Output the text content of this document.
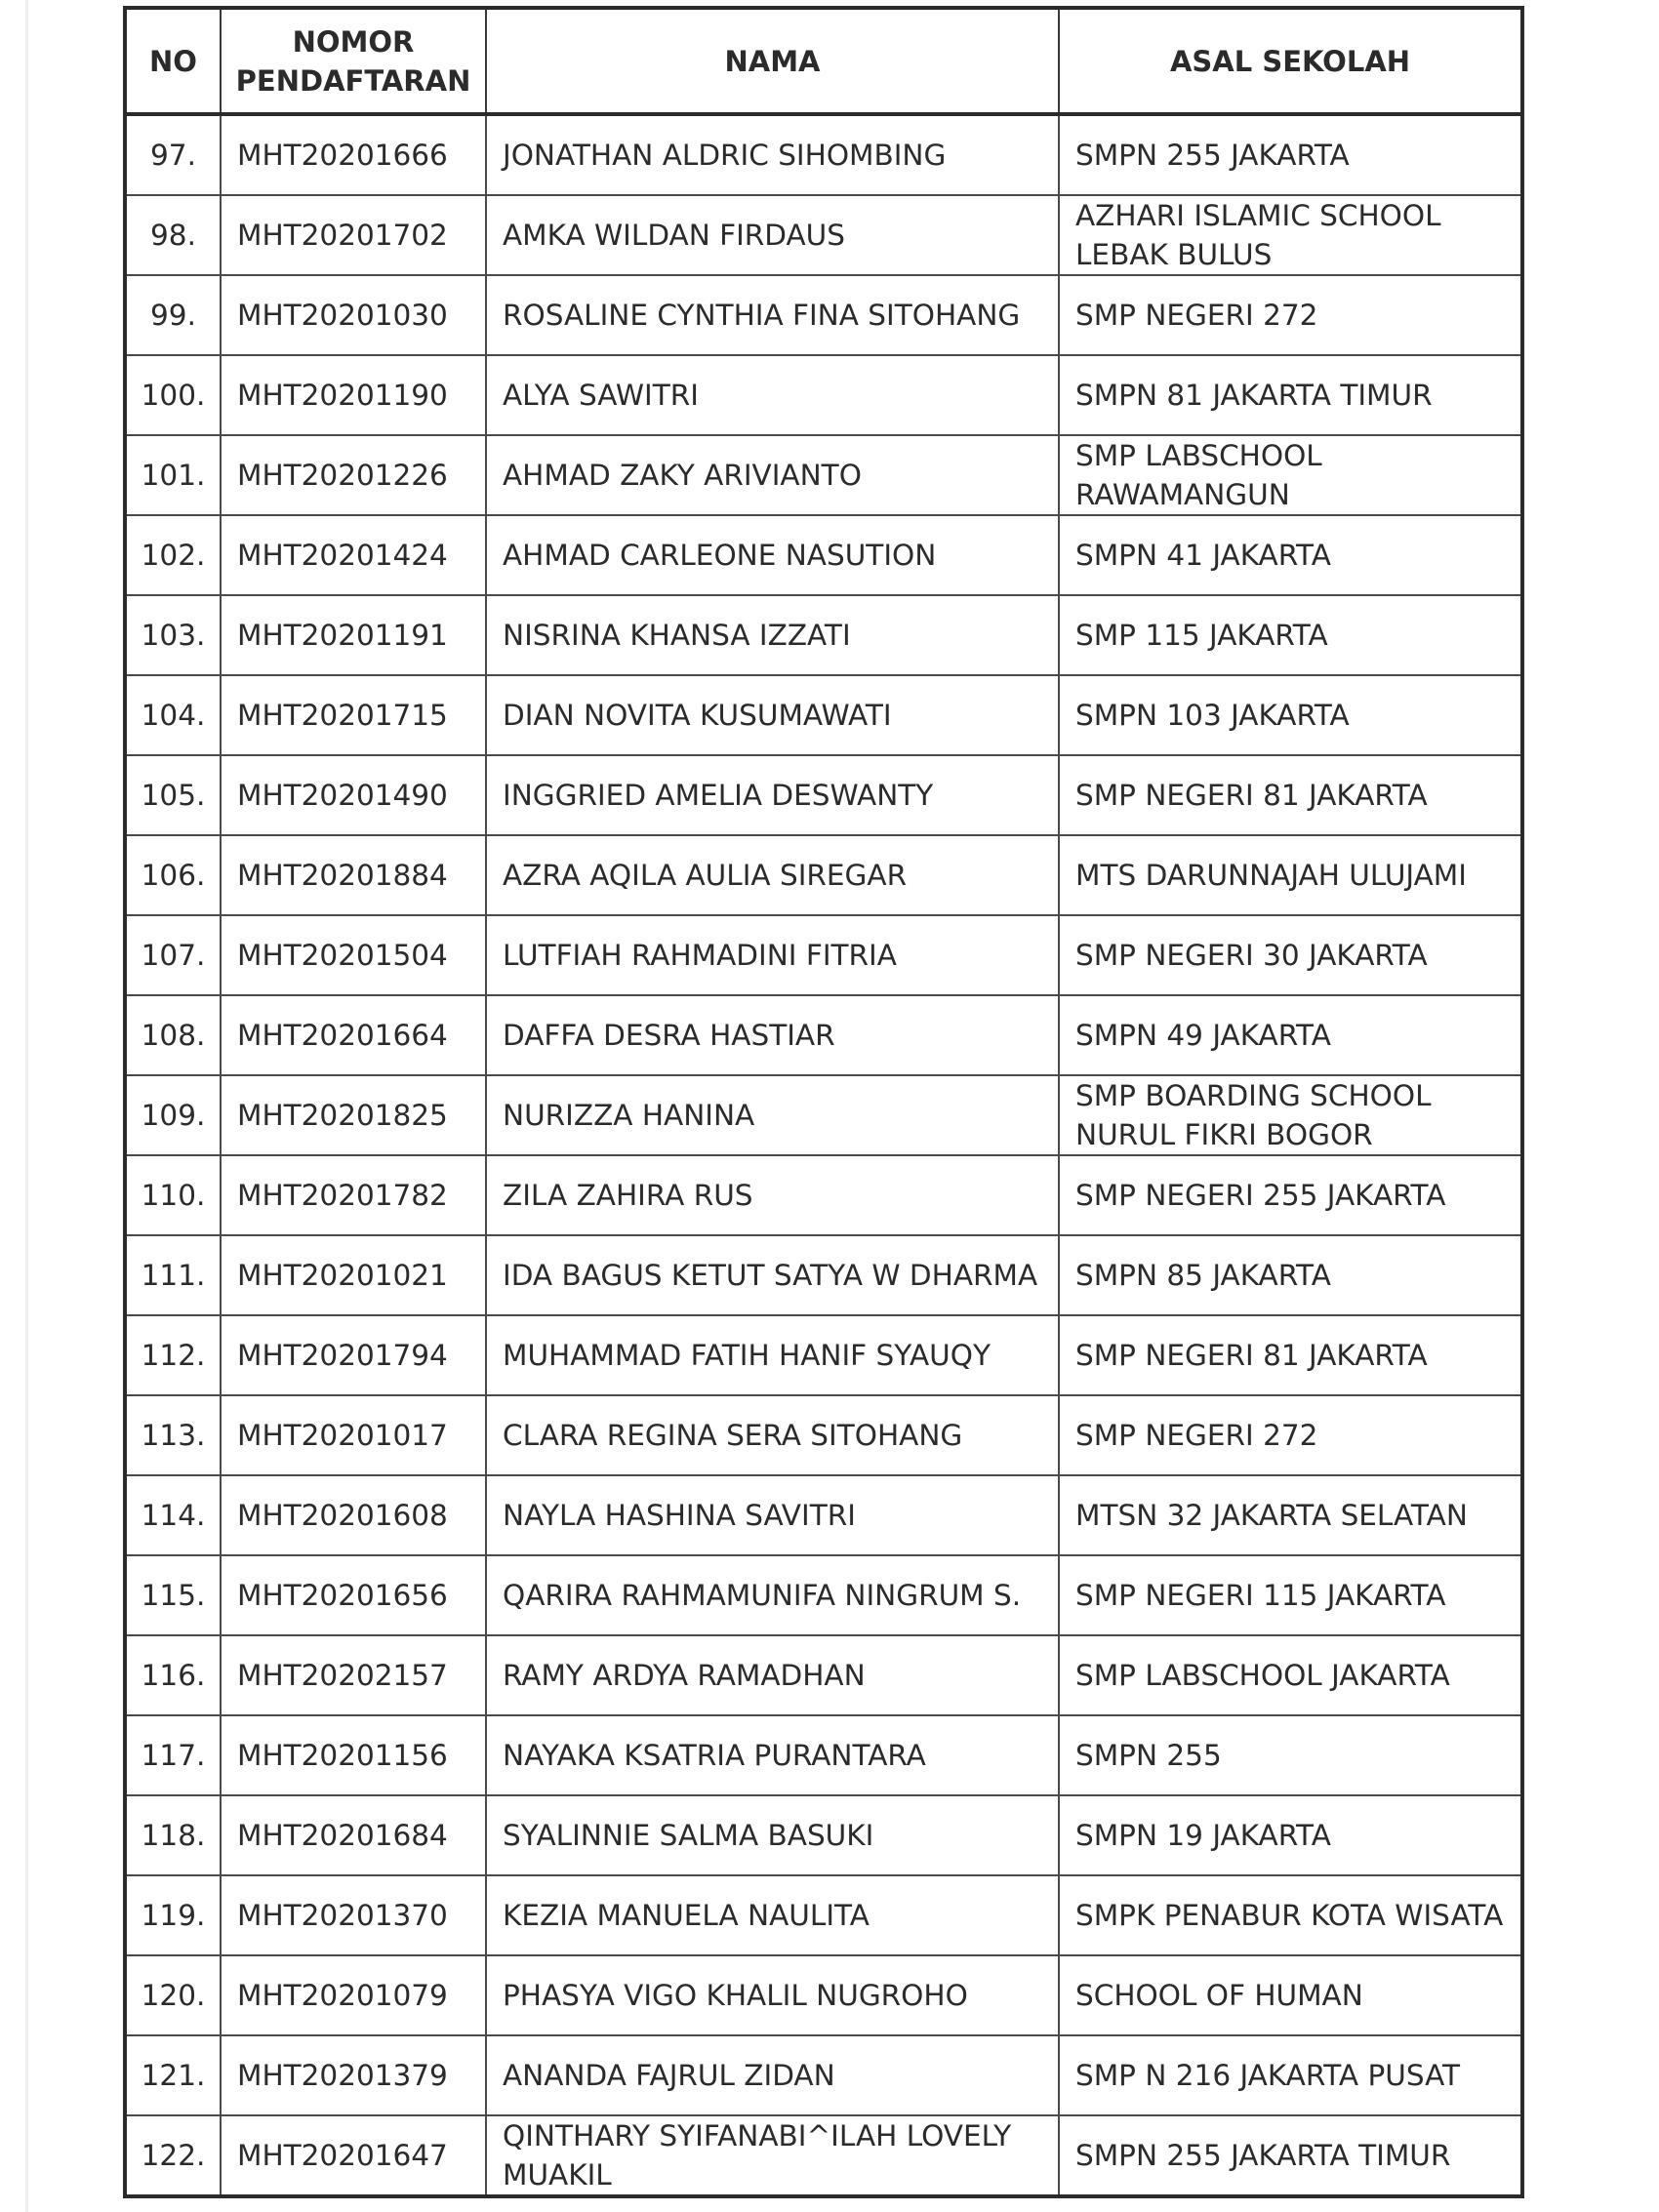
NO	NOMOR PENDAFTARAN	NAMA	ASAL SEKOLAH
97.	MHT20201666	JONATHAN ALDRIC SIHOMBING	SMPN 255 JAKARTA
98.	MHT20201702	AMKA WILDAN FIRDAUS	AZHARI ISLAMIC SCHOOL LEBAK BULUS
99.	MHT20201030	ROSALINE CYNTHIA FINA SITOHANG	SMP NEGERI 272
100.	MHT20201190	ALYA SAWITRI	SMPN 81 JAKARTA TIMUR
101.	MHT20201226	AHMAD ZAKY ARIVIANTO	SMP LABSCHOOL RAWAMANGUN
102.	MHT20201424	AHMAD CARLEONE NASUTION	SMPN 41 JAKARTA
103.	MHT20201191	NISRINA KHANSA IZZATI	SMP 115 JAKARTA
104.	MHT20201715	DIAN NOVITA KUSUMAWATI	SMPN 103 JAKARTA
105.	MHT20201490	INGGRIED AMELIA DESWANTY	SMP NEGERI 81 JAKARTA
106.	MHT20201884	AZRA AQILA AULIA SIREGAR	MTS DARUNNAJAH ULUJAMI
107.	MHT20201504	LUTFIAH RAHMADINI FITRIA	SMP NEGERI 30 JAKARTA
108.	MHT20201664	DAFFA DESRA HASTIAR	SMPN 49 JAKARTA
109.	MHT20201825	NURIZZA HANINA	SMP BOARDING SCHOOL NURUL FIKRI BOGOR
110.	MHT20201782	ZILA ZAHIRA RUS	SMP NEGERI 255 JAKARTA
111.	MHT20201021	IDA BAGUS KETUT SATYA W DHARMA	SMPN 85 JAKARTA
112.	MHT20201794	MUHAMMAD FATIH HANIF SYAUQY	SMP NEGERI 81 JAKARTA
113.	MHT20201017	CLARA REGINA SERA SITOHANG	SMP NEGERI 272
114.	MHT20201608	NAYLA HASHINA SAVITRI	MTSN 32 JAKARTA SELATAN
115.	MHT20201656	QARIRA RAHMAMUNIFA NINGRUM S.	SMP NEGERI 115 JAKARTA
116.	MHT20202157	RAMY ARDYA RAMADHAN	SMP LABSCHOOL JAKARTA
117.	MHT20201156	NAYAKA KSATRIA PURANTARA	SMPN 255
118.	MHT20201684	SYALINNIE SALMA BASUKI	SMPN 19 JAKARTA
119.	MHT20201370	KEZIA MANUELA NAULITA	SMPK PENABUR KOTA WISATA
120.	MHT20201079	PHASYA VIGO KHALIL NUGROHO	SCHOOL OF HUMAN
121.	MHT20201379	ANANDA FAJRUL ZIDAN	SMP N 216 JAKARTA PUSAT
122.	MHT20201647	QINTHARY SYIFANABI^ILAH LOVELY MUAKIL	SMPN 255 JAKARTA TIMUR
